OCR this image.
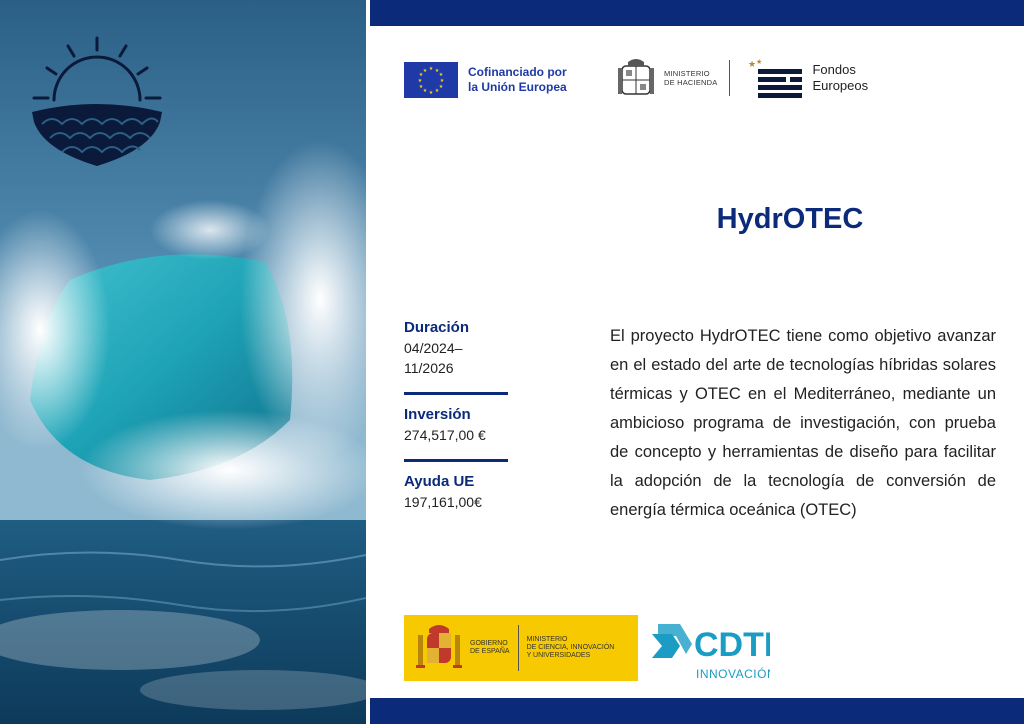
★ ★
★
★
★
★
★
★
★
★
★
★	Cofinanciado por
la Unión Europea
MINISTERIO
DE HACIENDA
★ ★	Fondos
Europeos
HydrOTEC
Duración
04/2024– 11/2026
Inversión
274,517,00 €
Ayuda UE
197,161,00€
El proyecto HydrOTEC tiene como objetivo avanzar en el estado del arte de tecnologías híbridas solares térmicas y OTEC en el Mediterráneo, mediante un ambicioso programa de investigación, con prueba de concepto y herramientas de diseño para facilitar la adopción de la tecnología de conversión de energía térmica oceánica (OTEC)
GOBIERNO
DE ESPAÑA
MINISTERIO
DE CIENCIA, INNOVACIÓN
Y UNIVERSIDADES	CDTI
INNOVACIÓN
